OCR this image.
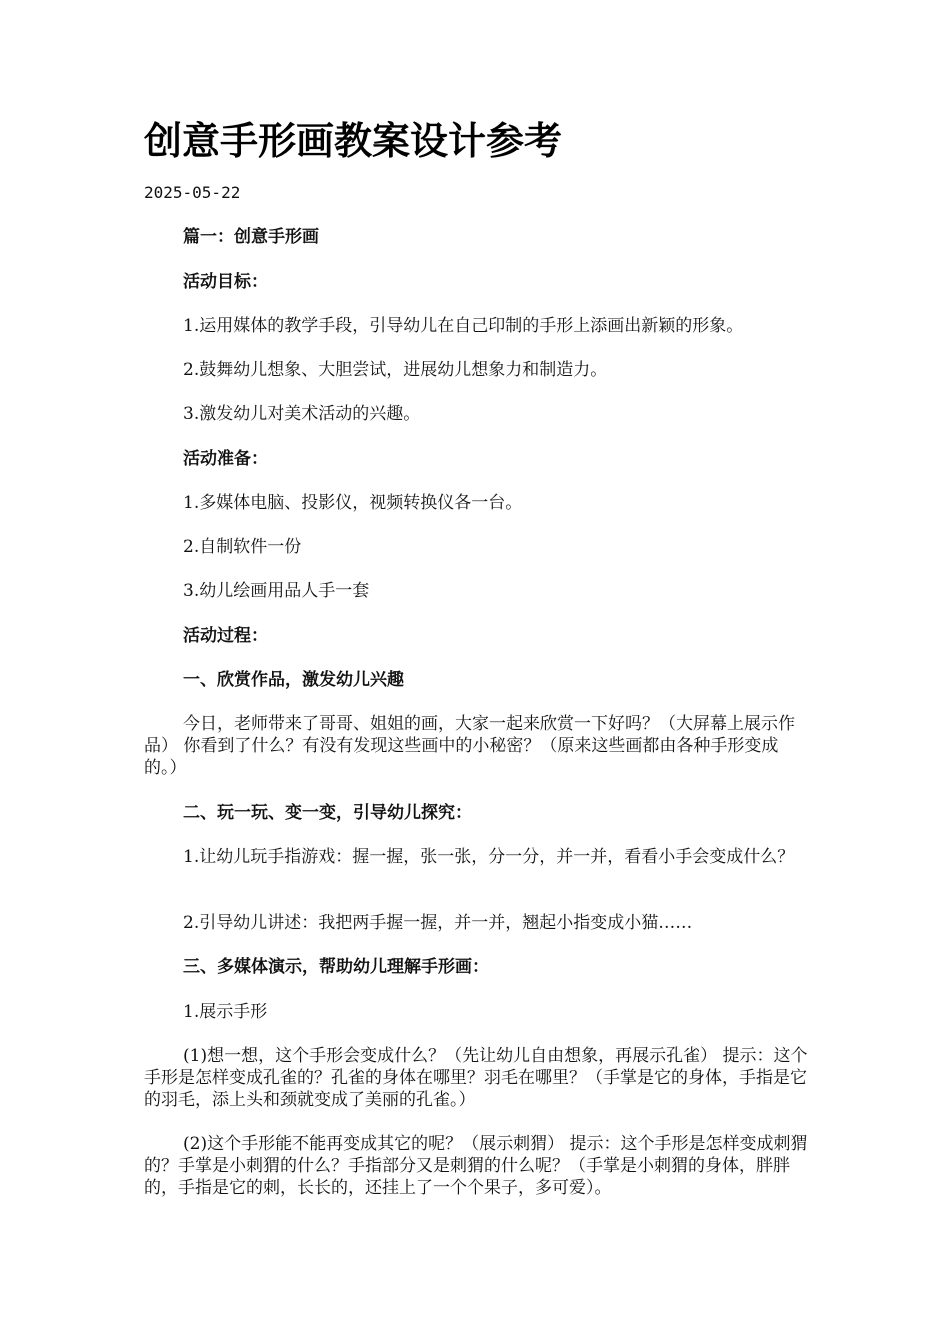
创意手形画教案设计参考
2025-05-22
篇一：创意手形画
活动目标：
1.运用媒体的教学手段，引导幼儿在自己印制的手形上添画出新颖的形象。
2.鼓舞幼儿想象、大胆尝试，进展幼儿想象力和制造力。
3.激发幼儿对美术活动的兴趣。
活动准备：
1.多媒体电脑、投影仪，视频转换仪各一台。
2.自制软件一份
3.幼儿绘画用品人手一套
活动过程：
一、欣赏作品，激发幼儿兴趣
今日，老师带来了哥哥、姐姐的画，大家一起来欣赏一下好吗？（大屏幕上展示作品） 你看到了什么？有没有发现这些画中的小秘密？（原来这些画都由各种手形变成的。）
二、玩一玩、变一变，引导幼儿探究：
1.让幼儿玩手指游戏：握一握，张一张，分一分，并一并，看看小手会变成什么？
2.引导幼儿讲述：我把两手握一握，并一并，翘起小指变成小猫……
三、多媒体演示，帮助幼儿理解手形画：
1.展示手形
(1)想一想，这个手形会变成什么？（先让幼儿自由想象，再展示孔雀） 提示：这个手形是怎样变成孔雀的？孔雀的身体在哪里？羽毛在哪里？（手掌是它的身体，手指是它的羽毛，添上头和颈就变成了美丽的孔雀。）
(2)这个手形能不能再变成其它的呢？（展示刺猬） 提示：这个手形是怎样变成刺猬的？手掌是小刺猬的什么？手指部分又是刺猬的什么呢？（手掌是小刺猬的身体，胖胖的，手指是它的刺，长长的，还挂上了一个个果子，多可爱）。
